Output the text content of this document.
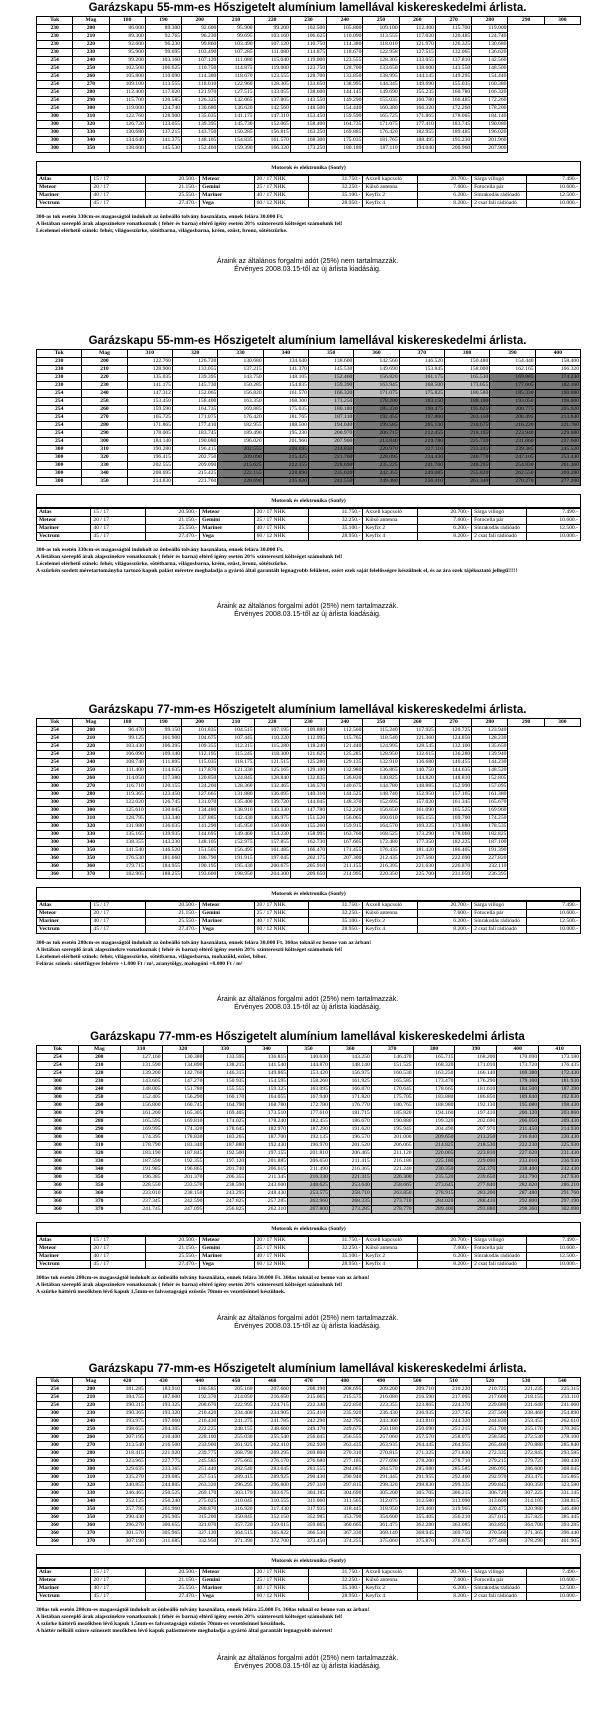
Garázskapu 55-mm-es Hőszigetelt alumínium lamellával kiskereskedelmi árlista.
Tok	Mag	180	190	200	210	220	230	240	250	260	270	280	290	300
230	200	86.000	89.300	92.600	95.900	99.200	102.500	105.800	109.100	112.400	115.700	119.000		
230	210	89.300	92.765	96.230	99.695	103.160	106.625	110.090	113.555	117.020	120.485	124.740		
230	220	92.600	96.230	99.860	103.490	107.120	110.750	114.380	118.010	121.970	126.325	130.680		
230	230	95.900	99.695	103.490	107.285	111.080	114.875	118.670	122.958	127.515	132.065	136.620		
254	240	99.200	103.160	107.120	111.080	115.040	119.000	123.555	128.305	133.055	137.810	142.560		
254	250	102.500	106.625	110.750	114.875	119.000	123.750	128.700	133.650	138.600	143.550	148.500		
254	260	105.800	110.090	114.380	118.670	123.555	128.700	133.850	138.995	144.145	149.295	154.440		
254	270	109.100	113.555	118.010	122.960	128.305	133.650	138.995	144.345	149.690	155.035	160.380		
254	280	112.400	117.020	121.970	127.515	133.055	138.600	144.145	149.690	155.235	160.780	166.320		
254	290	115.700	120.585	126.325	132.065	137.805	143.550	149.290	155.035	160.780	166.485	172.260		
254	300	119.000	124.740	130.680	136.620	142.560	148.500	154.440	160.380	166.320	172.260	178.200		
300	310	122.760	128.900	135.035	141.175	147.310	153.450	159.590	165.725	171.865	178.005	184.140		
300	320	126.720	133.055	139.395	145.730	152.065	158.400	164.735	171.075	177.410	183.745	190.080		
300	330	130.680	137.215	143.750	150.285	156.815	163.350	169.885	176.420	182.955	189.485	196.020		
300	340	134.640	141.375	148.105	154.835	161.570	168.300	175.035	181.765	188.495	195.230	201.960		
300	350	138.600	145.530	152.460	159.390	166.320	173.250	180.180	187.110	194.040	200.960	207.900		
Motorok és elektronika (Sonfy)
Atlas	15 / 17	20.500.-	Meteor	20 / 17 NHK	31.750.-	Axxell kapcsoló	20.700.-	Sárga villogó	7.490.-
Meteor	20 / 17	21.150.-	Gemini	25 / 17 NHK	32.250.-	Külső antenna	7.600.-	Fotocella pár	10.600.-
Mariner	40 / 17	25.550.-	Mariner	40 / 17 NHK	35.100.-	Keyfix 2	6.200.-	Sínrakodás rádióadó	12.500.-
Vectrum	45 / 17	27.470.-	Vega	60 / 12 NHK	28.950.-	Keyfix 4	8.200.-	2 csat fali rádióadó	10.000.-
300-as tok esetén 330cm-es magasságtól indokolt az önbeálló tolvány használata, ennek felára 30.000 Ft.
A listában szereplő árak alapszínekre vonatkoznak ( fehér és barna) eltérő igény esetén 20% színtereszti költséget számolunk fel!
Lécelemei elérhető színek: fehér, világosszürke, sötétbarna, világosbarna, krém, ezüst, bronz, sötétszürke.
Áraink az általános forgalmi adót (25%) nem tartalmazzák.
Érvényes 2008.03.15-től az új árlista kiadásáig.
Garázskapu 55-mm-es Hőszigetelt alumínium lamellával kiskereskedelmi árlista.
Tok	Mag	310	320	330	340	350	360	370	380	390	400
230	200	122.760	126.720	130.680	134.640	138.600	142.560	146.520	150.480	154.440	158.400
230	210	128.900	133.055	137.215	141.370	145.530	149.690	153.845	158.000	162.165	166.320
230	220	135.035	139.395	143.750	148.105	152.460	156.820	161.175	165.530	169.885	174.240
230	230	141.175	145.730	150.285	154.835	159.390	163.945	168.500	173.055	177.605	182.160
254	240	147.312	152.065	156.820	161.570	166.320	171.075	175.825	180.580	185.330	190.080
254	250	153.450	158.400	163.350	168.300	173.250	178.200	183.150	188.100	193.050	198.000
254	260	159.590	164.735	169.885	175.035	180.180	185.330	190.475	195.625	200.775	205.920
254	270	165.725	171.075	176.420	181.765	187.110	192.455	197.800	203.150	208.495	213.840
254	280	171.865	177.410	182.955	188.500	194.040	199.585	205.130	210.675	216.220	221.760
254	290	178.005	183.745	189.490	195.230	200.970	206.715	212.455	218.195	223.940	229.680
254	300	184.140	190.080	196.020	201.960	207.900	213.840	219.780	225.720	231.660	237.600
300	310	190.280	196.415	202.555	208.695	214.830	220.970	227.110	233.245	239.385	245.520
300	320	196.415	202.750	209.090	215.425	221.760	228.095	234.430	240.770	247.105	253.440
300	330	202.555	209.090	215.625	222.155	228.690	235.225	241.760	248.295	254.830	261.360
300	340	208.695	215.425	222.155	228.890	235.620	242.355	249.085	255.820	262.550	269.280
300	350	214.830	221.760	228.690	235.620	242.550	249.480	256.410	263.340	270.270	277.200
Motorok és elektronika (Sonfy)
Atlas	15 / 17	20.500.-	Meteor	20 / 17 NHK	31.750.-	Axxell kapcsoló	20.700.-	Sárga villogó	7.490.-
Meteor	20 / 17	21.150.-	Gemini	25 / 17 NHK	32.250.-	Külső antenna	7.600.-	Fotocella pár	10.600.-
Mariner	40 / 17	25.550.-	Mariner	40 / 17 NHK	35.100.-	Keyfix 2	6.200.-	Sínrakodás rádióadó	12.500.-
Vectrum	45 / 17	27.470.-	Vega	60 / 12 NHK	28.950.-	Keyfix 4	8.200.-	2 csat fali rádióadó	10.000.-
300-as tok esetén 330cm-es magasságtól indokolt az önbeálló tolvány használata, ennek felára 30.000 Ft.
A listában szereplő árak alapszínekre vonatkoznak ( fehér és barna) eltérő igény esetén 20% színtereszti költséget számolunk fel!
Lécelemei elérhető színek: fehér, világosszürke, sötétbarna, világosbarna, krém, ezüst, bronz, sötétszürke.
A szürkén szedett méretartományba tartozó kapuk palást méretre meghaladja a gyártó által garantált legnagyobb felületet, ezért ezek saját felelősségre készülnek el, és az ára ezek tájékoztató jellegű!!!!!
Áraink az általános forgalmi adót (25%) nem tartalmazzák.
Érvényes 2008.03.15-től az új árlista kiadásáig.
Garázskapu 77-mm-es Hőszigetelt alumínium lamellával kiskereskedelmi árlista.
Tok	Mag	180	190	200	210	220	230	240	250	260	270	280	290	300
254	200	96.470	99.150	101.835	104.515	107.195	109.880	112.560	115.240	117.925	120.725	123.940		
254	210	99.125	101.900	104.675	107.445	110.220	112.995	115.765	118.540	121.360	124.850	128.230		
254	220	103.430	106.395	109.355	112.315	115.280	118.240	121.440	124.995	128.545	132.100	135.650		
254	230	106.090	109.140	112.195	115.245	118.300	121.625	125.285	128.950	132.615	136.280	139.940		
254	240	108.740	111.895	115.035	118.175	121.515	125.280	129.135	132.910	136.680	140.455	144.230		
254	250	111.400	114.635	117.870	121.330	125.165	129.100	132.980	136.865	140.750	144.635	148.520		
300	260	114.050	117.380	120.850	124.845	128.840	132.835	136.830	140.825	144.820	148.810	152.805		
300	270	116.710	120.155	124.260	128.360	132.465	136.570	140.675	144.780	148.885	152.990	157.095		
300	280	119.365	123.450	127.665	131.880	136.095	140.310	144.525	148.740	152.950	157.165	161.380		
300	290	122.020	126.745	131.070	135.400	139.720	144.045	148.370	152.695	157.020	161.345	165.670		
300	300	125.610	130.045	134.480	138.910	143.330	147.780	152.220	156.650	161.090	165.525	169.960		
300	310	128.795	133.340	137.885	142.430	146.975	151.520	156.065	160.610	165.155	169.700	174.250		
300	320	131.980	136.635	141.290	145.950	150.600	155.260	159.915	164.570	169.225	173.880	178.535		
300	330	135.165	139.935	144.695	149.460	154.230	158.995	163.760	168.525	173.290	178.060	182.825		
300	340	138.355	143.230	148.105	152.975	157.855	162.730	167.605	172.480	177.350	182.225	187.100		
300	350	141.540	146.520	151.505	156.495	161.485	166.470	171.455	176.435	181.420	186.405	191.390		
360	350	176.530	181.660	186.790	191.915	197.045	202.175	207.300	212.435	217.560	222.690	227.820		
360	360	179.715	184.955	190.195	195.430	200.675	205.910	211.155	216.395	221.630	226.870	232.110		
360	370	182.905	188.255	193.600	198.950	204.300	209.650	214.995	220.350	225.700	231.050	236.395		
Motorok és elektronika (Sonfy)
Atlas	15 / 17	20.500.-	Meteor	20 / 17 NHK	31.750.-	Axxell kapcsoló	20.700.-	Sárga villogó	7.490.-
Meteor	20 / 17	21.150.-	Gemini	25 / 17 NHK	32.250.-	Külső antenna	7.600.-	Fotocella pár	10.600.-
Mariner	40 / 17	25.550.-	Mariner	40 / 17 NHK	35.100.-	Keyfix 2	6.200.-	Sínrakodás rádióadó	12.500.-
Vectrum	45 / 17	27.470.-	Vega	60 / 12 NHK	28.950.-	Keyfix 4	8.200.-	2 csat fali rádióadó	10.000.-
300-as tok esetén 280cm-es magasságtól indokolt az önbeálló tolvány használata, ennek felára 30.000 Ft. 360as toknál ez benne van az árban!
A listában szereplő árak alapszínekre vonatkoznak ( fehér és barna) eltérő igény esetén 20% színtereszti költséget számolunk fel!
Lécelemei elérhető színek: fehér, világosszürke, sötétbarna, világosbarna, mohazöld, ezüst, bíbor.
Felárac színek: sötétfügyes fehérre +1.000 Ft / m², aranytölgy, mahagóni +8.000 Ft / m²
Áraink az általános forgalmi adót (25%) nem tartalmazzák.
Érvényes 2008.03.15-től az új árlista kiadásáig.
Garázskapu 77-mm-es Hőszigetelt alumínium lamellával kiskereskedelmi árlista
Tok	Mag	310	320	330	340	350	360	370	380	390	400	410
254	200	127.160	130.380	133.595	136.815	140.030	143.250	146.470	165.715	168.200	170.690	173.180
254	210	131.590	134.890	138.215	141.540	144.870	148.140	151.525	168.320	171.010	173.720	176.435
254	220	139.200	142.760	146.315	149.865	153.420	156.975	160.530	163.250	166.140	169.380	172.430
300	230	143.605	147.270	150.935	154.595	158.260	161.925	165.585	173.470	176.290	179.100	181.930
300	240	148.005	151.780	155.555	159.325	163.095	166.870	170.645	178.665	181.610	184.500	187.390
300	250	152.405	156.290	160.170	164.055	167.940	171.820	175.705	183.880	186.850	189.840	192.830
300	260	156.800	160.745	164.790	168.780	172.780	176.770	180.765	188.980	192.130	195.080	198.430
300	270	161.200	165.305	169.405	173.510	177.610	181.715	185.820	194.160	197.410	200.120	203.860
300	280	165.595	169.810	174.025	178.240	182.455	186.670	190.880	199.320	202.690	206.050	209.430
300	290	169.995	174.320	178.645	182.970	187.290	191.620	195.945	204.490	207.970	211.450	214.930
300	300	174.395	178.830	183.265	187.700	192.135	196.570	201.000	209.650	213.250	216.840	220.430
300	310	178.790	183.340	187.880	192.430	196.970	201.520	206.065	214.825	218.530	222.230	225.930
300	320	183.190	187.845	192.500	197.155	201.810	206.465	211.120	220.005	223.810	227.620	231.430
300	330	187.590	192.355	197.120	201.885	206.650	211.415	216.180	225.180	229.090	233.010	236.930
300	340	191.985	196.865	201.740	206.615	211.490	216.365	221.240	230.350	234.370	238.400	242.430
300	350	196.385	201.370	206.355	211.345	216.330	221.315	226.300	235.520	239.650	243.790	247.930
360	350	228.550	233.570	238.590	243.600	248.625	253.640	258.665	273.645	277.840	282.020	286.210
360	360	233.010	238.150	243.295	248.430	253.575	258.710	263.850	278.915	283.200	287.480	291.760
360	370	237.345	242.590	247.825	257.285	262.960	268.335	273.710	284.020	288.410	292.800	297.190
360	370	241.745	247.095	256.825	262.310	267.800	273.285	278.770	289.400	293.880	298.360	302.690
Motorok és elektronika (Sonfy)
Atlas	15 / 17	20.500.-	Meteor	20 / 17 NHK	31.750.-	Axxell kapcsoló	20.700.-	Sárga villogó	7.490.-
Meteor	20 / 17	21.150.-	Gemini	25 / 17 NHK	32.250.-	Külső antenna	7.600.-	Fotocella pár	10.600.-
Mariner	40 / 17	25.550.-	Mariner	40 / 17 NHK	35.100.-	Keyfix 2	6.200.-	Sínrakodás rádióadó	12.500.-
Vectrum	45 / 17	27.470.-	Vega	60 / 12 NHK	28.950.-	Keyfix 4	8.200.-	2 csat fali rádióadó	10.000.-
300as tok esetén 280cm-es magasságtól indokolt az önbeálló tolvány használata, ennek felára 30.000 Ft. 360as toknál ez benne van az árban!
A listában szereplő árak alapszínekre vonatkoznak ( fehér és barna) eltérő igény esetén 20% színtereszti költséget számolunk fel!
A szürke háttérű mezőkben lévő kapuk 1,5mm-es falvastagságú ezüstös 70mm-es vezetősínnel készülnek.
Áraink az általános forgalmi adót (25%) nem tartalmazzák.
Érvényes 2008.03.15-től az új árlista kiadásáig.
Garázskapu 77-mm-es Hőszigetelt alumínium lamellával kiskereskedelmi árlista.
Tok	Mag	420	430	440	450	460	470	480	490	500	510	520	530	540
254	200	181.285	183.910	186.585	205.160	207.660	208.190	208.695	209.200	209.710	210.220	210.725	221.235	225.315
254	210	184.755	187.600	192.370	214.050	216.650	215.065	215.575	216.080	216.590	217.095	217.600	218.155	233.110
254	220	190.315	193.325	200.670	222.995	224.715	222.340	222.850	223.355	223.865	224.370	229.080	231.640	241.060
300	230	190.365	193.320	210.420	234.400	234.905	235.410	235.920	236.430	236.935	237.745	237.500	238.460	254.890
300	240	193.975	197.060	216.430	241.275	241.785	242.290	242.795	243.300	243.810	244.320	244.830	253.455	262.610
300	250	198.655	204.305	222.225	248.155	248.660	249.170	249.675	250.180	250.690	251.215	251.700	255.170	270.365
300	260	207.195	210.400	228.100	255.030	255.540	256.045	256.555	257.060	257.570	258.075	258.585	272.530	278.100
300	270	213.540	216.500	233.900	261.925	262.410	262.920	263.435	263.935	264.445	264.955	265.460	270.880	285.840
300	280	218.415	221.920	239.775	268.790	269.295	269.800	270.310	270.815	271.325	271.830	272.335	272.845	293.585
300	290	223.965	227.775	245.585	275.665	276.170	276.680	277.185	277.690	278.200	278.710	279.215	279.725	300.430
300	300	229.635	233.365	251.440	282.540	283.045	283.555	284.065	284.570	285.080	285.585	286.095	286.600	308.045
300	310	235.270	239.085	257.515	289.415	289.925	290.430	290.940	291.445	291.955	292.460	292.970	293.475	315.865
300	320	240.855	244.805	263.320	296.295	296.800	297.310	297.815	298.320	298.830	299.335	299.845	300.350	323.580
300	330	246.465	250.525	269.170	303.170	303.675	304.185	304.690	305.200	305.705	306.215	306.720	307.225	331.145
300	340	252.125	256.240	275.025	310.045	310.555	311.060	311.565	312.075	312.580	313.090	313.600	314.105	338.815
300	350	257.795	261.960	280.870	316.920	317.430	317.935	318.445	318.950	319.460	319.965	320.475	320.980	346.480
360	350	290.430	295.905	315.200	350.845	352.150	352.985	353.790	354.600	355.405	356.210	357.015	357.825	385.445
360	360	296.270	300.655	321.070	357.720	359.015	359.865	360.665	361.475	362.280	363.085	363.895	364.700	393.285
360	370	301.570	305.965	327.130	364.515	365.822	366.530	367.330	368.140	368.945	369.750	370.560	371.365	396.440
360	370	307.190	311.685	332.950	371.390	372.700	373.450	374.255	375.060	375.870	376.675	377.480	378.290	401.905
Motorok és elektronika (Sonfy)
Atlas	15 / 17	20.500.-	Meteor	20 / 17 NHK	31.750.-	Axxell kapcsoló	20.700.-	Sárga villogó	7.490.-
Meteor	20 / 17	21.150.-	Gemini	25 / 17 NHK	32.250.-	Külső antenna	7.600.-	Fotocella pár	10.600.-
Mariner	40 / 17	25.550.-	Mariner	40 / 17 NHK	35.100.-	Keyfix 2	6.200.-	Sínrakodás rádióadó	12.500.-
Vectrum	45 / 17	27.470.-	Vega	60 / 12 NHK	28.950.-	Keyfix 4	8.200.-	2 csat fali rádióadó	10.000.-
300as tok esetén 280cm-es magasságtól indokolt az önbeálló tolvány használata, ennek felára 25.000 Ft. 360as toknál ez benne van az árban!
A listában szereplő árak alapszínekre vonatkoznak ( fehér és barna) eltérő igény esetén 20% színtereszti költséget számolunk fel!
A szürke háttérű mezőkben lévő kapuk 1,5mm-es falvastagságú ezüstös 70mm-es vezetősínnel készülnek.
A háttér nélküli színre színezett mezőkben lévő kapuk palástmérete meghaladja a gyártó által garantált legnagyobb méretet!
Áraink az általános forgalmi adót (25%) nem tartalmazzák.
Érvényes 2008.03.15-től az új árlista kiadásáig.
